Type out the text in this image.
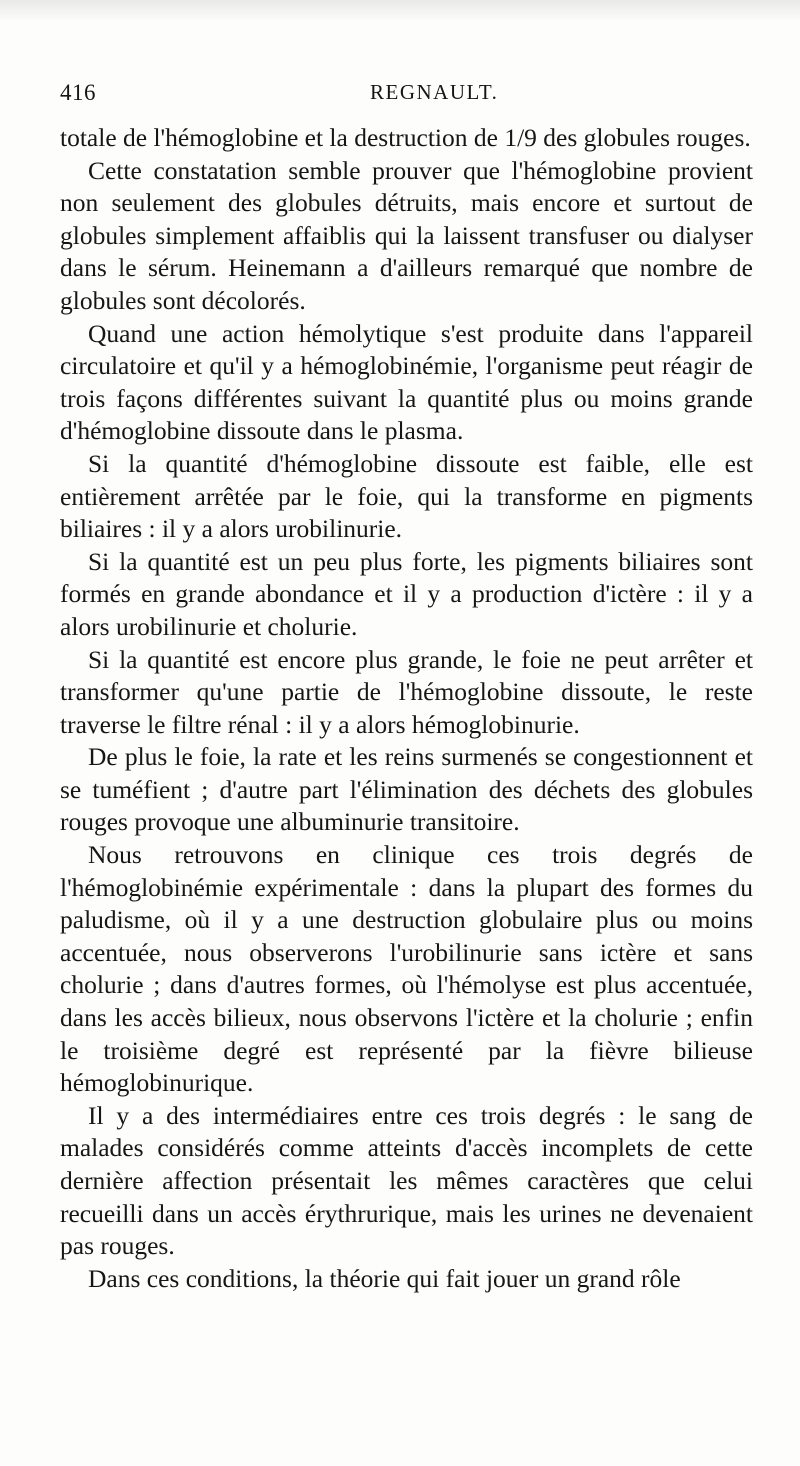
416	REGNAULT.

totale de l'hémoglobine et la destruction de 1/9 des globules rouges.

Cette constatation semble prouver que l'hémoglobine provient non seulement des globules détruits, mais encore et surtout de globules simplement affaiblis qui la laissent transfuser ou dialyser dans le sérum. Heinemann a d'ailleurs remarqué que nombre de globules sont décolorés.

Quand une action hémolytique s'est produite dans l'appareil circulatoire et qu'il y a hémoglobinémie, l'organisme peut réagir de trois façons différentes suivant la quantité plus ou moins grande d'hémoglobine dissoute dans le plasma.

Si la quantité d'hémoglobine dissoute est faible, elle est entièrement arrêtée par le foie, qui la transforme en pigments biliaires : il y a alors urobilinurie.

Si la quantité est un peu plus forte, les pigments biliaires sont formés en grande abondance et il y a production d'ictère : il y a alors urobilinurie et cholurie.

Si la quantité est encore plus grande, le foie ne peut arrêter et transformer qu'une partie de l'hémoglobine dissoute, le reste traverse le filtre rénal : il y a alors hémoglobinurie.

De plus le foie, la rate et les reins surmenés se congestionnent et se tuméfient ; d'autre part l'élimination des déchets des globules rouges provoque une albuminurie transitoire.

Nous retrouvons en clinique ces trois degrés de l'hémoglobinémie expérimentale : dans la plupart des formes du paludisme, où il y a une destruction globulaire plus ou moins accentuée, nous observerons l'urobilinurie sans ictère et sans cholurie ; dans d'autres formes, où l'hémolyse est plus accentuée, dans les accès bilieux, nous observons l'ictère et la cholurie ; enfin le troisième degré est représenté par la fièvre bilieuse hémoglobinurique.

Il y a des intermédiaires entre ces trois degrés : le sang de malades considérés comme atteints d'accès incomplets de cette dernière affection présentait les mêmes caractères que celui recueilli dans un accès érythrurique, mais les urines ne devenaient pas rouges.

Dans ces conditions, la théorie qui fait jouer un grand rôle
